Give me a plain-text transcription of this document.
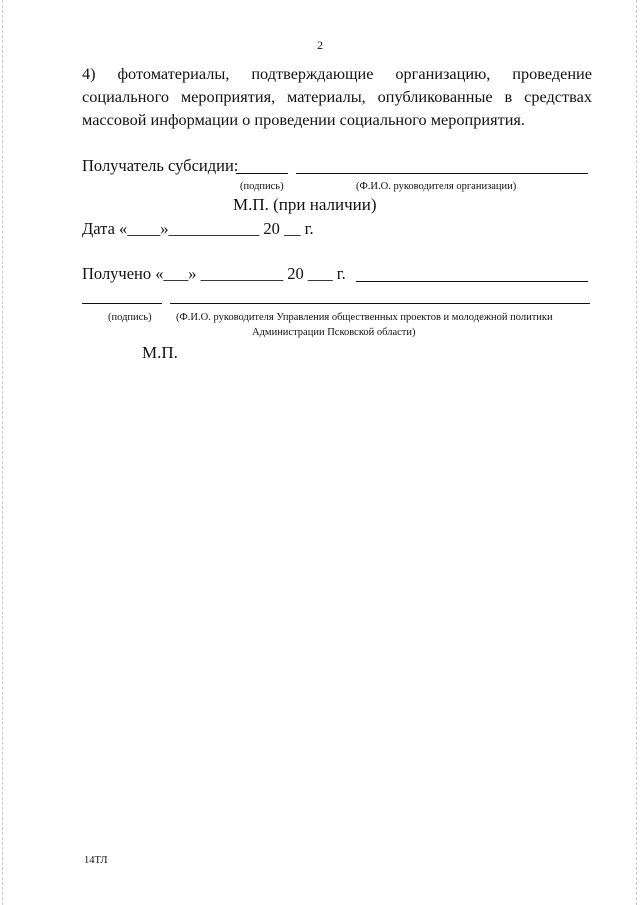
2
4) фотоматериалы, подтверждающие организацию, проведение
социального мероприятия, материалы, опубликованные в средствах
массовой информации о проведении социального мероприятия.
Получатель субсидии:
(подпись)	(Ф.И.О. руководителя организации)
М.П. (при наличии)
Дата «____»___________ 20 __ г.
Получено «___» __________ 20 ___ г.
(подпись) (Ф.И.О. руководителя Управления общественных проектов и молодежной политики
Администрации Псковской области)
М.П.
14ТЛ
